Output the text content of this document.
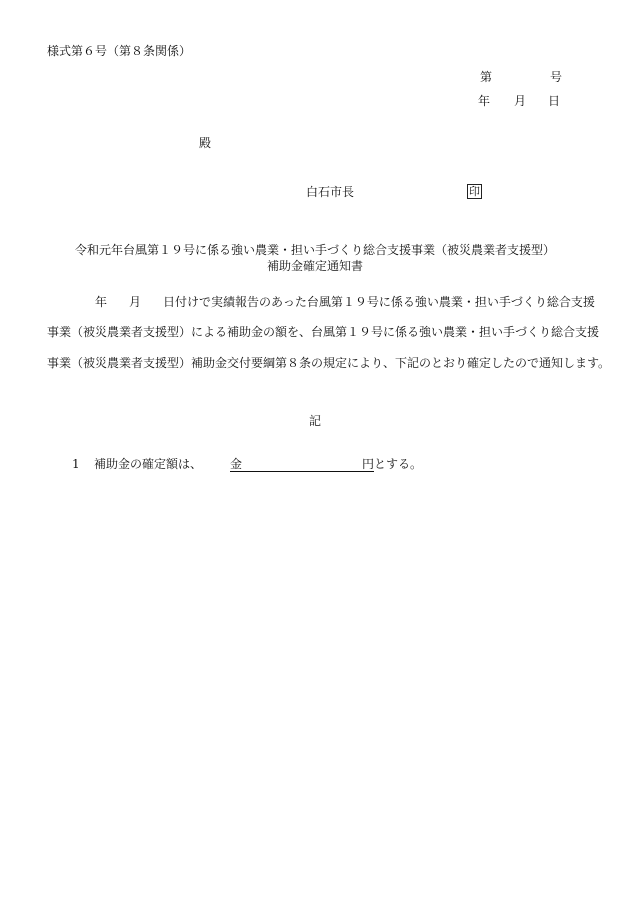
様式第６号（第８条関係）
第	号
年 月 日
殿
白石市長	印
令和元年台風第１９号に係る強い農業・担い手づくり総合支援事業（被災農業者支援型）
補助金確定通知書
年 月 日付けで実績報告のあった台風第１９号に係る強い農業・担い手づくり総合支援
事業（被災農業者支援型）による補助金の額を、台風第１９号に係る強い農業・担い手づくり総合支援
事業（被災農業者支援型）補助金交付要綱第８条の規定により、下記のとおり確定したので通知します。
記
1 補助金の確定額は、 金	円とする。
